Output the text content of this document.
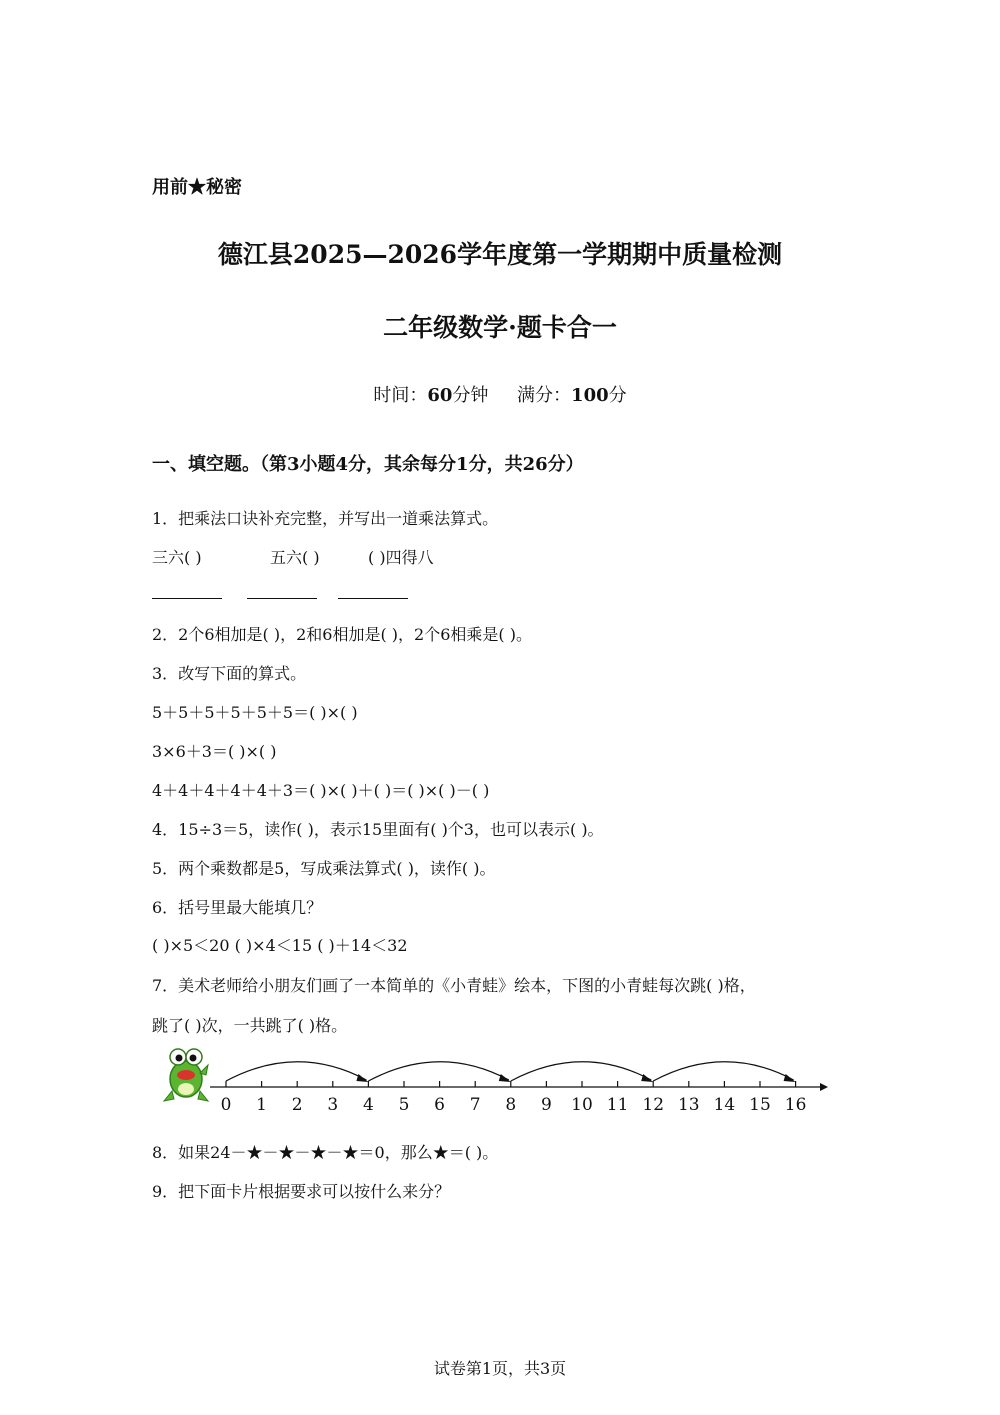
用前★秘密
德江县2025—2026学年度第一学期期中质量检测
二年级数学·题卡合一
时间：60分钟 满分：100分
一、填空题。（第3小题4分，其余每分1分，共26分）
1．把乘法口诀补充完整，并写出一道乘法算式。
三六( )	五六( )	( )四得八
2．2个6相加是( )，2和6相加是( )，2个6相乘是( )。
3．改写下面的算式。
5＋5＋5＋5＋5＋5＝( )×( )
3×6＋3＝( )×( )
4＋4＋4＋4＋4＋3＝( )×( )＋( )＝( )×( )－( )
4．15÷3＝5，读作( )，表示15里面有( )个3，也可以表示( )。
5．两个乘数都是5，写成乘法算式( )，读作( )。
6．括号里最大能填几？
( )×5＜20 ( )×4＜15 ( )＋14＜32
7．美术老师给小朋友们画了一本简单的《小青蛙》绘本，下图的小青蛙每次跳( )格，
跳了( )次，一共跳了( )格。
0 1 2 3 4 5 6 7 8 9 10 11 12 13 14 15 16
8．如果24－★－★－★－★＝0，那么★＝( )。
9．把下面卡片根据要求可以按什么来分？
试卷第1页，共3页
